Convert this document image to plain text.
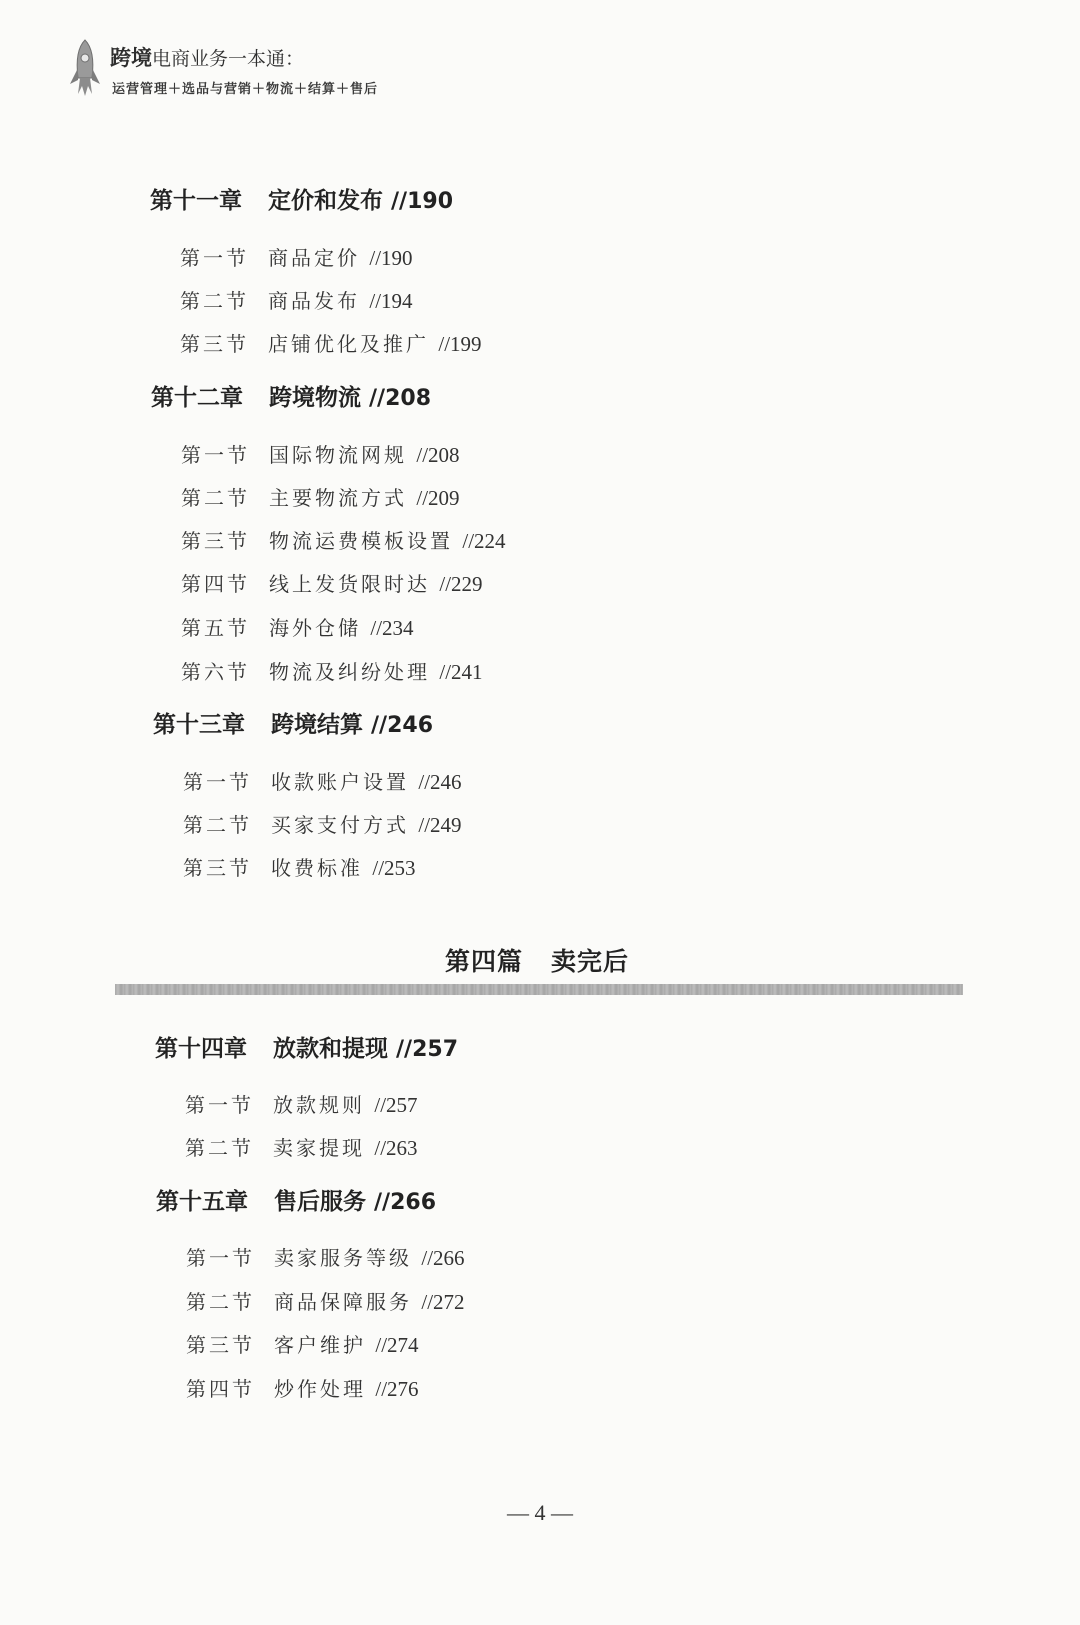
跨境电商业务一本通：
运营管理＋选品与营销＋物流＋结算＋售后
第十一章 定价和发布 //190
第一节 商品定价 //190
第二节 商品发布 //194
第三节 店铺优化及推广 //199
第十二章 跨境物流 //208
第一节 国际物流网规 //208
第二节 主要物流方式 //209
第三节 物流运费模板设置 //224
第四节 线上发货限时达 //229
第五节 海外仓储 //234
第六节 物流及纠纷处理 //241
第十三章 跨境结算 //246
第一节 收款账户设置 //246
第二节 买家支付方式 //249
第三节 收费标准 //253
第四篇 卖完后
第十四章 放款和提现 //257
第一节 放款规则 //257
第二节 卖家提现 //263
第十五章 售后服务 //266
第一节 卖家服务等级 //266
第二节 商品保障服务 //272
第三节 客户维护 //274
第四节 炒作处理 //276
— 4 —
